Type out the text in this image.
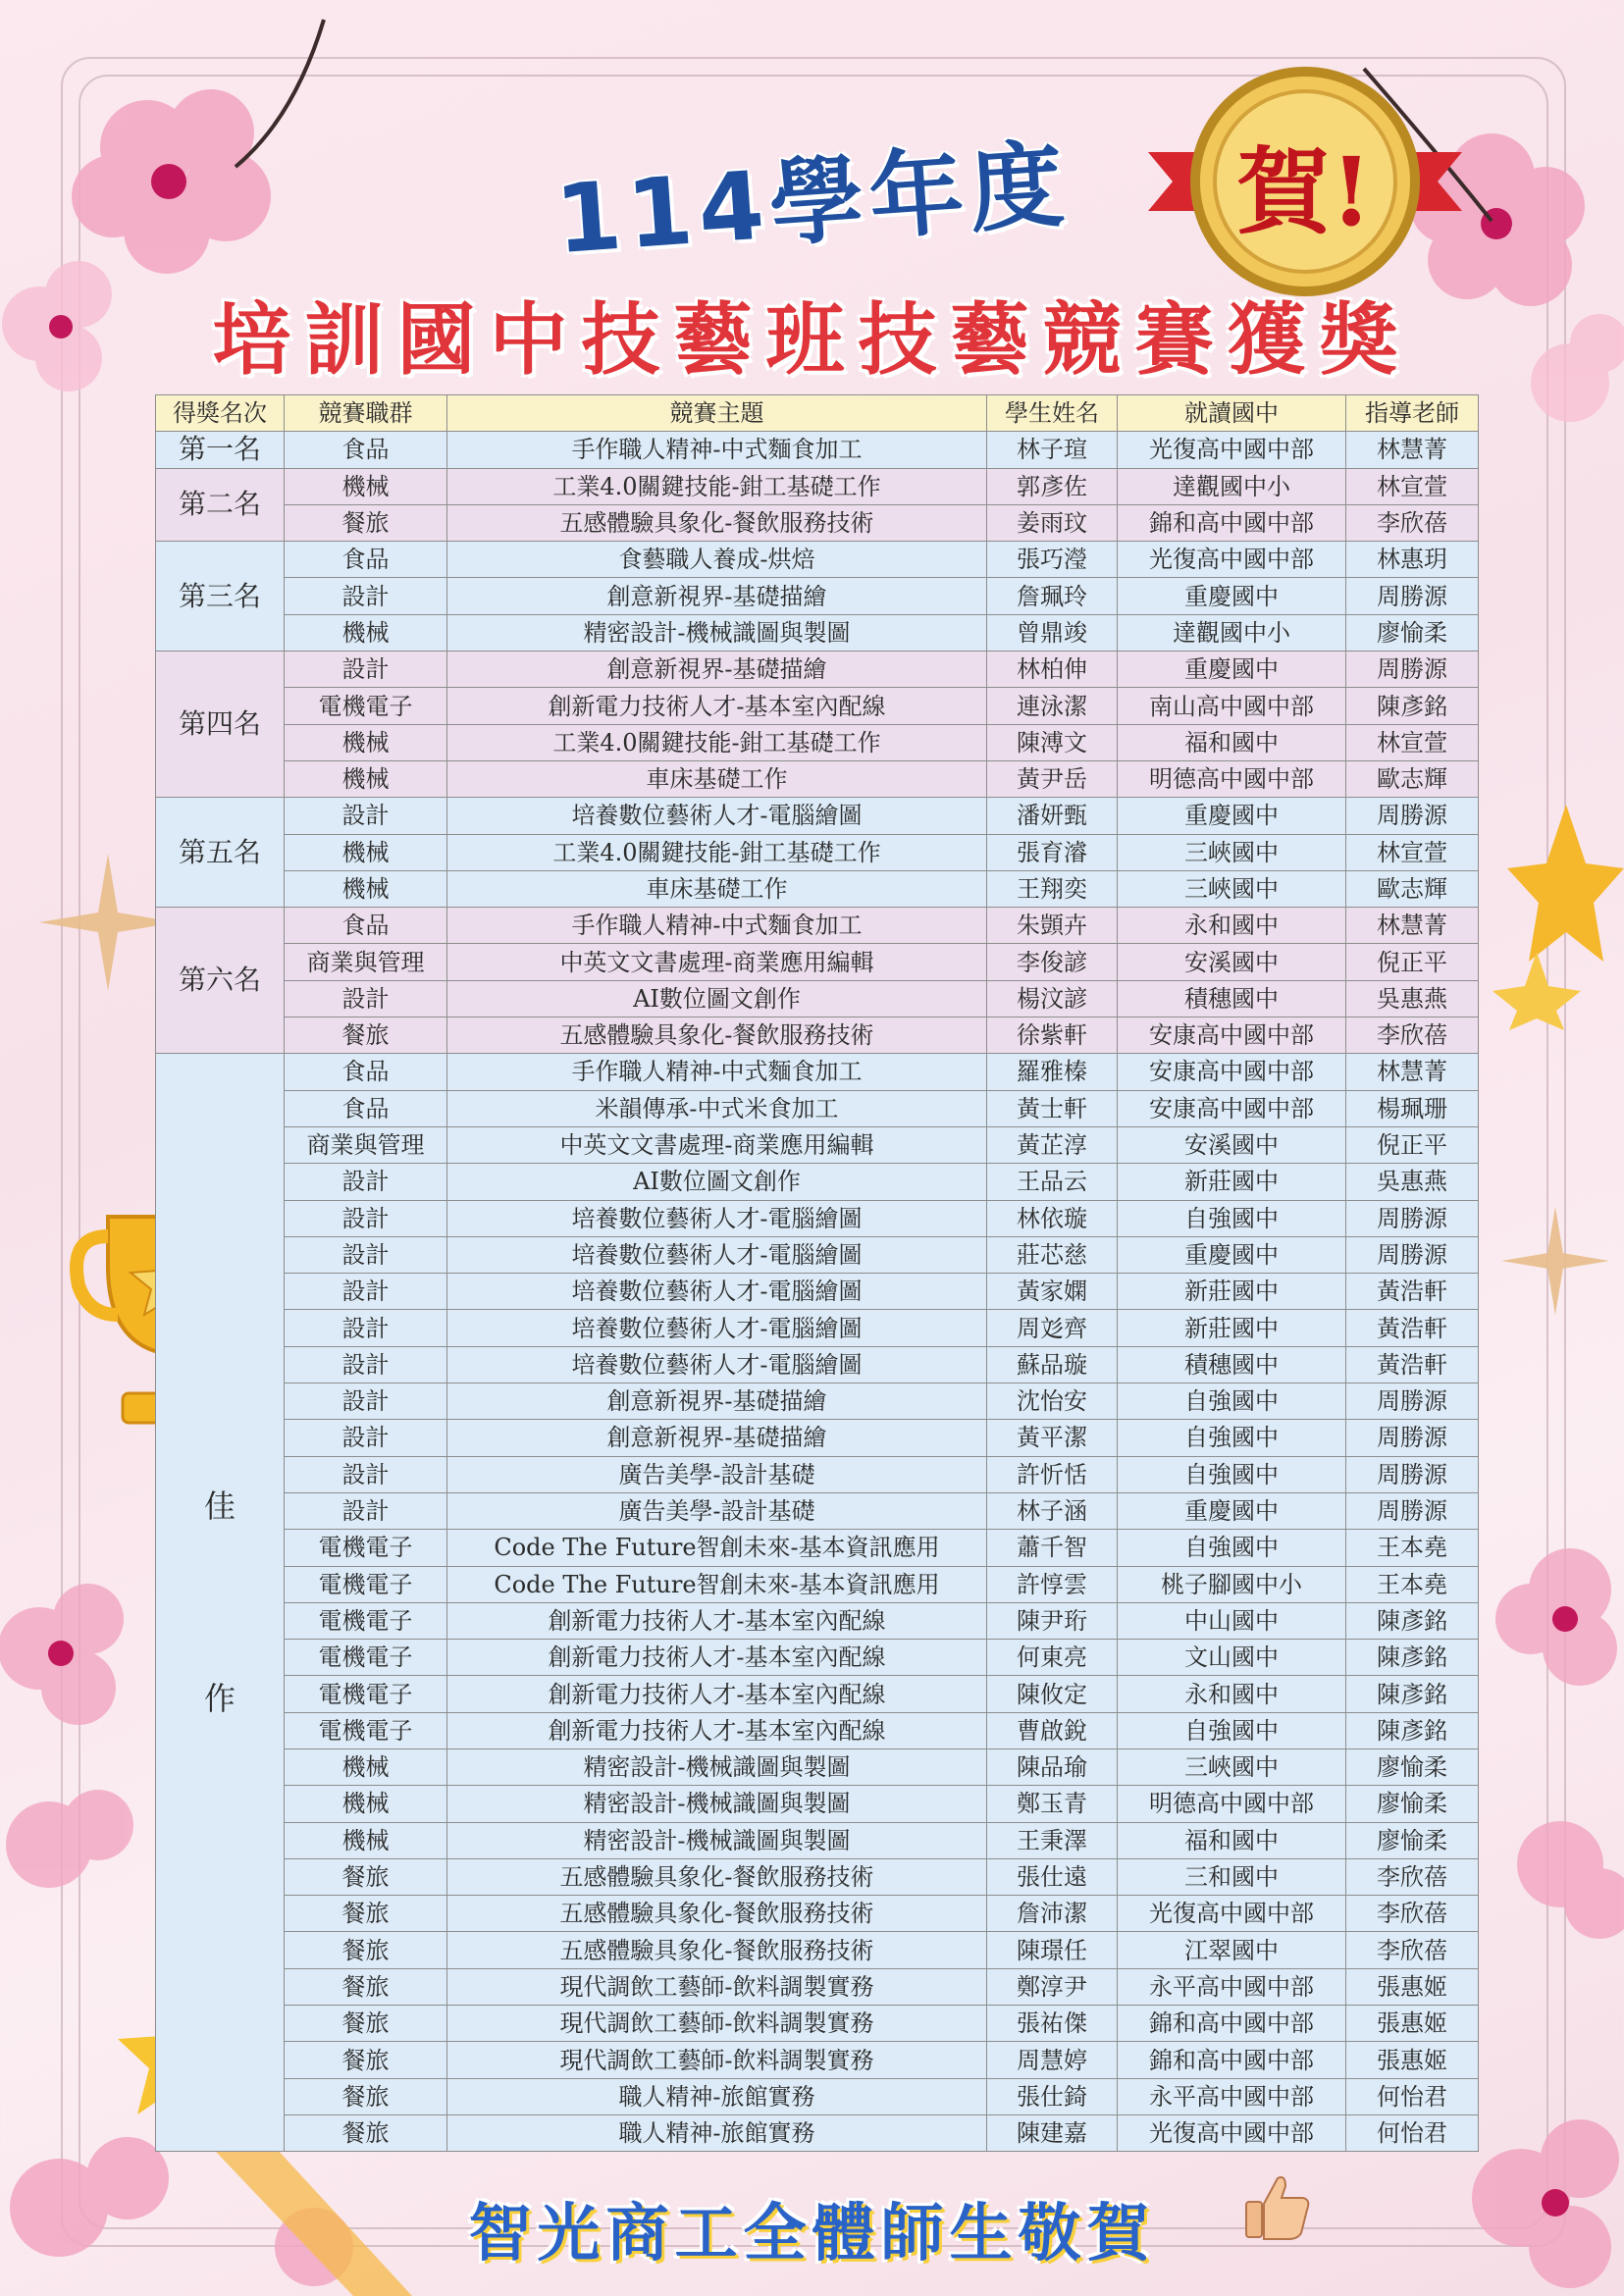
賀!
114學年度
培訓國中技藝班技藝競賽獲獎
得獎名次	競賽職群	競賽主題	學生姓名	就讀國中	指導老師
第一名	食品	手作職人精神-中式麵食加工	林子瑄	光復高中國中部	林慧菁
第二名	機械	工業4.0關鍵技能-鉗工基礎工作	郭彥佐	達觀國中小	林宣萱
	餐旅	五感體驗具象化-餐飲服務技術	姜雨玟	錦和高中國中部	李欣蓓
第三名	食品	食藝職人養成-烘焙	張巧瀅	光復高中國中部	林惠玥
	設計	創意新視界-基礎描繪	詹珮玲	重慶國中	周勝源
	機械	精密設計-機械識圖與製圖	曾鼎竣	達觀國中小	廖愉柔
第四名	設計	創意新視界-基礎描繪	林柏伸	重慶國中	周勝源
	電機電子	創新電力技術人才-基本室內配線	連泳潔	南山高中國中部	陳彥銘
	機械	工業4.0關鍵技能-鉗工基礎工作	陳溥文	福和國中	林宣萱
	機械	車床基礎工作	黃尹岳	明德高中國中部	歐志輝
第五名	設計	培養數位藝術人才-電腦繪圖	潘妍甄	重慶國中	周勝源
	機械	工業4.0關鍵技能-鉗工基礎工作	張育濬	三峽國中	林宣萱
	機械	車床基礎工作	王翔奕	三峽國中	歐志輝
第六名	食品	手作職人精神-中式麵食加工	朱顗卉	永和國中	林慧菁
	商業與管理	中英文文書處理-商業應用編輯	李俊諺	安溪國中	倪正平
	設計	AI數位圖文創作	楊汶諺	積穗國中	吳惠燕
	餐旅	五感體驗具象化-餐飲服務技術	徐紫軒	安康高中國中部	李欣蓓

佳
作	食品	手作職人精神-中式麵食加工	羅雅榛	安康高中國中部	林慧菁
	食品	米韻傳承-中式米食加工	黃士軒	安康高中國中部	楊珮珊
	商業與管理	中英文文書處理-商業應用編輯	黃芷淳	安溪國中	倪正平
	設計	AI數位圖文創作	王品云	新莊國中	吳惠燕
	設計	培養數位藝術人才-電腦繪圖	林依璇	自強國中	周勝源
	設計	培養數位藝術人才-電腦繪圖	莊芯慈	重慶國中	周勝源
	設計	培養數位藝術人才-電腦繪圖	黃家嫻	新莊國中	黃浩軒
	設計	培養數位藝術人才-電腦繪圖	周彣齊	新莊國中	黃浩軒
	設計	培養數位藝術人才-電腦繪圖	蘇品璇	積穗國中	黃浩軒
	設計	創意新視界-基礎描繪	沈怡安	自強國中	周勝源
	設計	創意新視界-基礎描繪	黃平潔	自強國中	周勝源
	設計	廣告美學-設計基礎	許忻恬	自強國中	周勝源
	設計	廣告美學-設計基礎	林子涵	重慶國中	周勝源
	電機電子	Code The Future智創未來-基本資訊應用	蕭千智	自強國中	王本堯
	電機電子	Code The Future智創未來-基本資訊應用	許惇雲	桃子腳國中小	王本堯
	電機電子	創新電力技術人才-基本室內配線	陳尹珩	中山國中	陳彥銘
	電機電子	創新電力技術人才-基本室內配線	何東亮	文山國中	陳彥銘
	電機電子	創新電力技術人才-基本室內配線	陳攸定	永和國中	陳彥銘
	電機電子	創新電力技術人才-基本室內配線	曹啟銳	自強國中	陳彥銘
	機械	精密設計-機械識圖與製圖	陳品瑜	三峽國中	廖愉柔
	機械	精密設計-機械識圖與製圖	鄭玉青	明德高中國中部	廖愉柔
	機械	精密設計-機械識圖與製圖	王秉澤	福和國中	廖愉柔
	餐旅	五感體驗具象化-餐飲服務技術	張仕遠	三和國中	李欣蓓
	餐旅	五感體驗具象化-餐飲服務技術	詹沛潔	光復高中國中部	李欣蓓
	餐旅	五感體驗具象化-餐飲服務技術	陳璟任	江翠國中	李欣蓓
	餐旅	現代調飲工藝師-飲料調製實務	鄭淳尹	永平高中國中部	張惠姬
	餐旅	現代調飲工藝師-飲料調製實務	張祐傑	錦和高中國中部	張惠姬
	餐旅	現代調飲工藝師-飲料調製實務	周慧婷	錦和高中國中部	張惠姬
	餐旅	職人精神-旅館實務	張仕錡	永平高中國中部	何怡君
	餐旅	職人精神-旅館實務	陳建嘉	光復高中國中部	何怡君
智光商工全體師生敬賀
